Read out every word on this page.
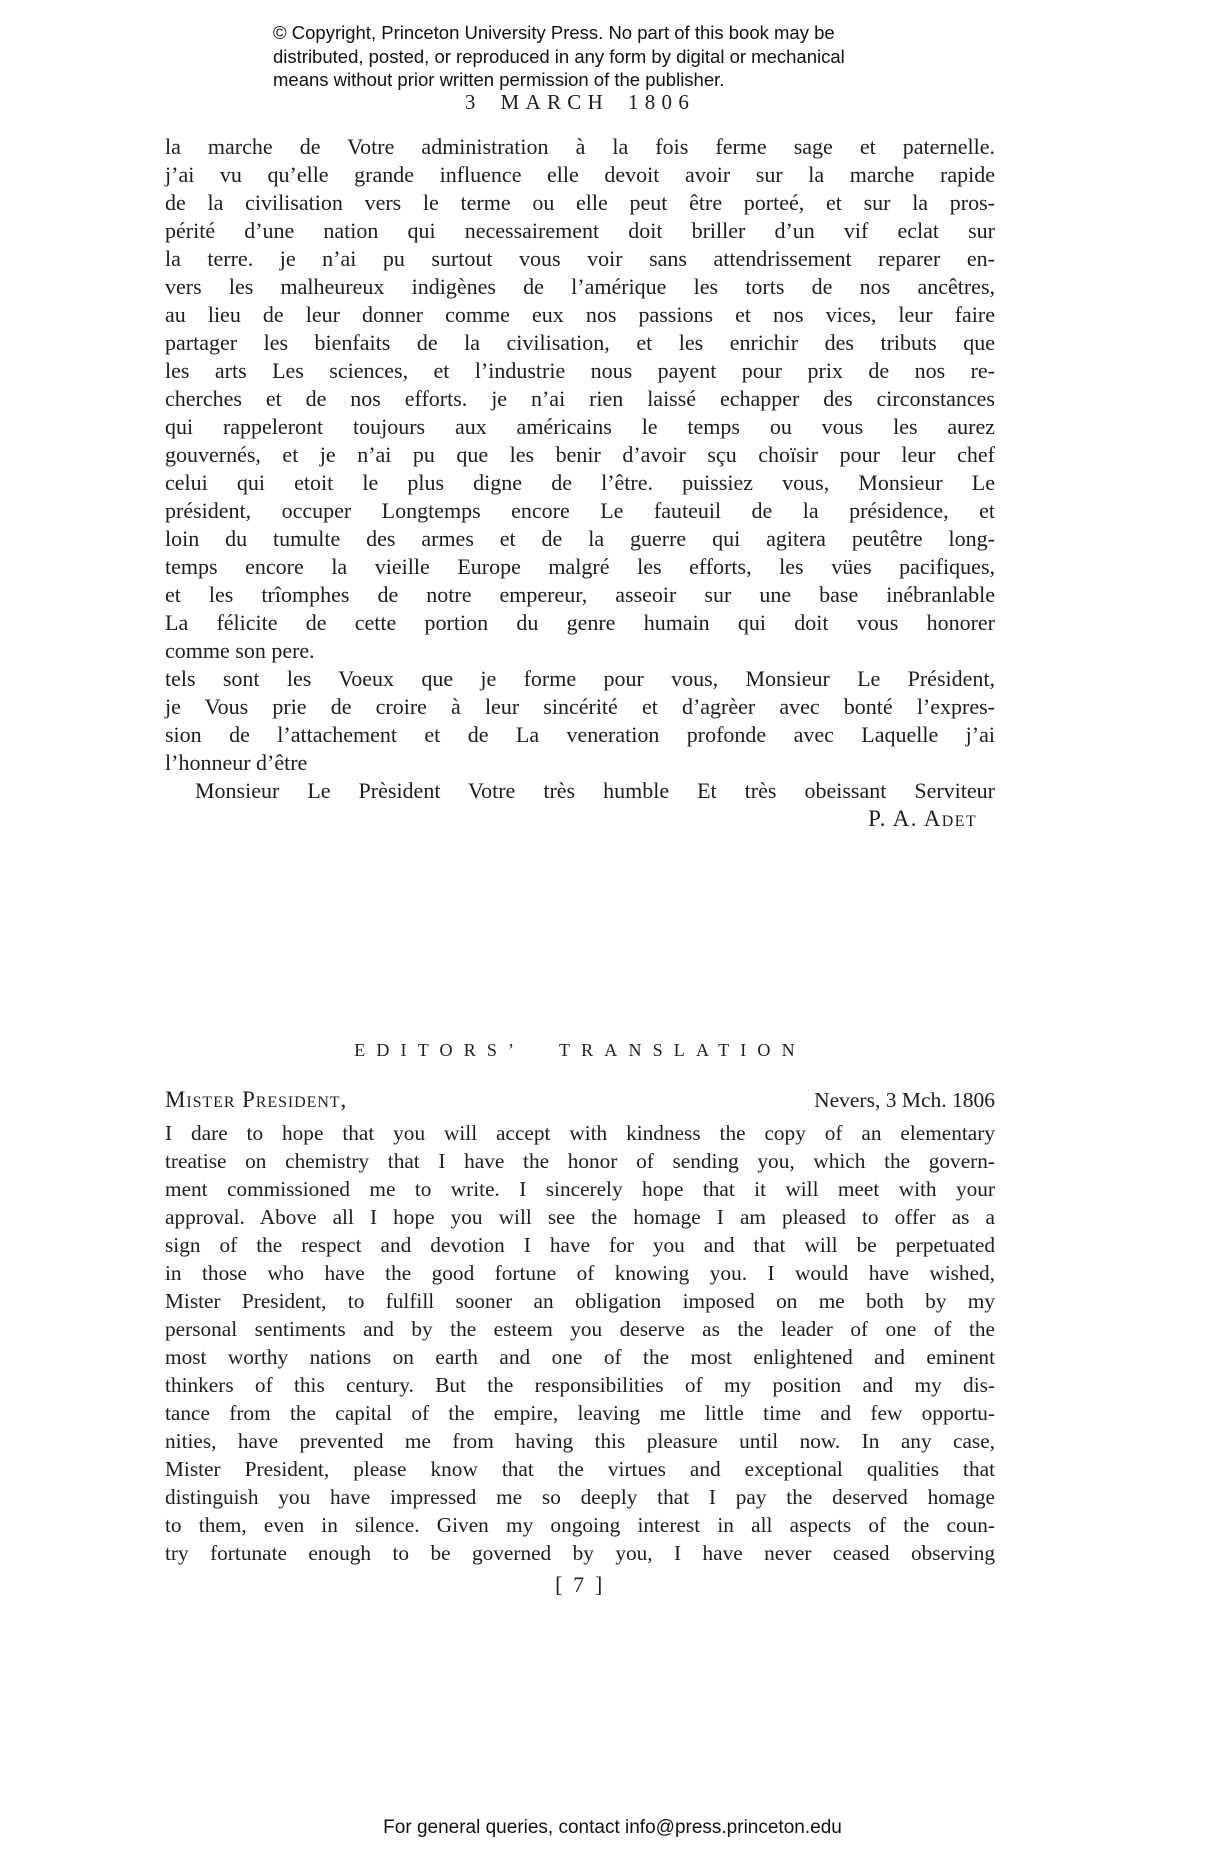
© Copyright, Princeton University Press. No part of this book may be
distributed, posted, or reproduced in any form by digital or mechanical
means without prior written permission of the publisher.
3 MARCH 1806
la marche de Votre administration à la fois ferme sage et paternelle.
j’ai vu qu’elle grande influence elle devoit avoir sur la marche rapide
de la civilisation vers le terme ou elle peut être porteé, et sur la pros-
périté d’une nation qui necessairement doit briller d’un vif eclat sur
la terre. je n’ai pu surtout vous voir sans attendrissement reparer en-
vers les malheureux indigènes de l’amérique les torts de nos ancêtres,
au lieu de leur donner comme eux nos passions et nos vices, leur faire
partager les bienfaits de la civilisation, et les enrichir des tributs que
les arts Les sciences, et l’industrie nous payent pour prix de nos re-
cherches et de nos efforts. je n’ai rien laissé echapper des circonstances
qui rappeleront toujours aux américains le temps ou vous les aurez
gouvernés, et je n’ai pu que les benir d’avoir sçu choïsir pour leur chef
celui qui etoit le plus digne de l’être. puissiez vous, Monsieur Le
président, occuper Longtemps encore Le fauteuil de la présidence, et
loin du tumulte des armes et de la guerre qui agitera peutêtre long-
temps encore la vieille Europe malgré les efforts, les vües pacifiques,
et les trîomphes de notre empereur, asseoir sur une base inébranlable
La félicite de cette portion du genre humain qui doit vous honorer
comme son pere.
tels sont les Voeux que je forme pour vous, Monsieur Le Président,
je Vous prie de croire à leur sincérité et d’agrèer avec bonté l’expres-
sion de l’attachement et de La veneration profonde avec Laquelle j’ai
l’honneur d’être
Monsieur Le Prèsident Votre très humble Et très obeissant Serviteur
P. A. Adet
EDITORS’ TRANSLATION
Mister President,	Nevers, 3 Mch. 1806
I dare to hope that you will accept with kindness the copy of an elementary
treatise on chemistry that I have the honor of sending you, which the govern-
ment commissioned me to write. I sincerely hope that it will meet with your
approval. Above all I hope you will see the homage I am pleased to offer as a
sign of the respect and devotion I have for you and that will be perpetuated
in those who have the good fortune of knowing you. I would have wished,
Mister President, to fulfill sooner an obligation imposed on me both by my
personal sentiments and by the esteem you deserve as the leader of one of the
most worthy nations on earth and one of the most enlightened and eminent
thinkers of this century. But the responsibilities of my position and my dis-
tance from the capital of the empire, leaving me little time and few opportu-
nities, have prevented me from having this pleasure until now. In any case,
Mister President, please know that the virtues and exceptional qualities that
distinguish you have impressed me so deeply that I pay the deserved homage
to them, even in silence. Given my ongoing interest in all aspects of the coun-
try fortunate enough to be governed by you, I have never ceased observing
[ 7 ]
For general queries, contact info@press.princeton.edu
